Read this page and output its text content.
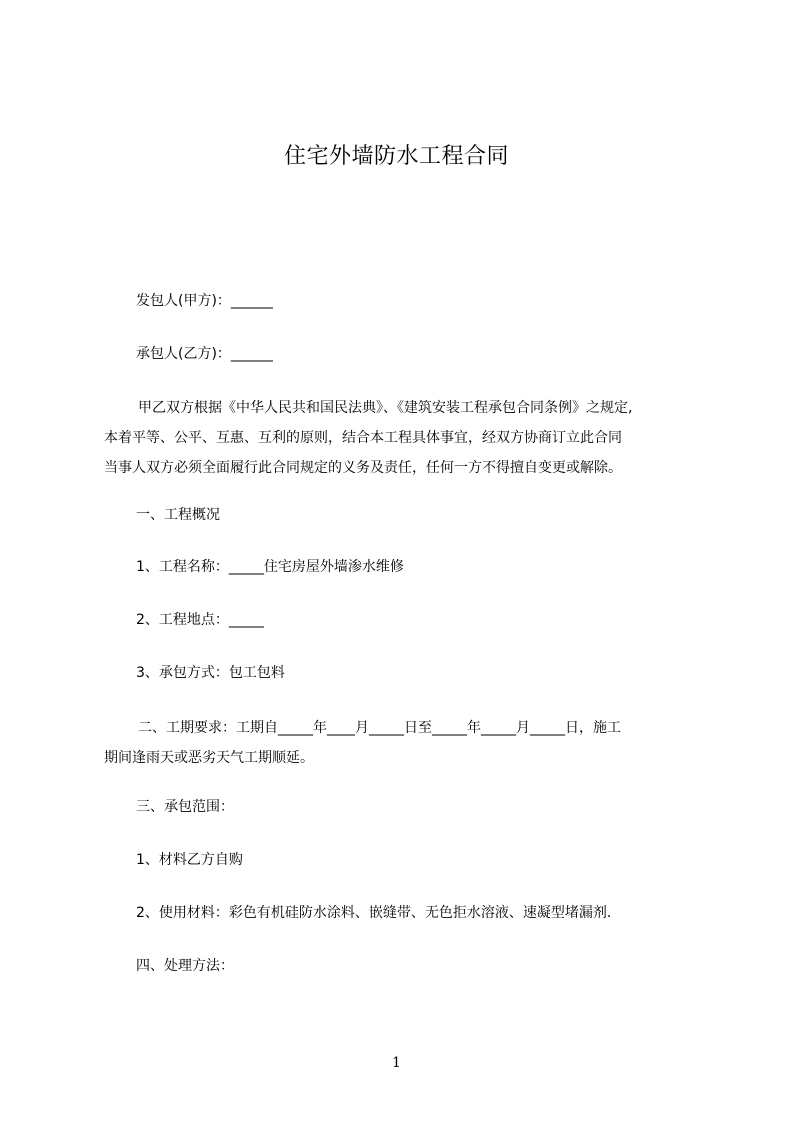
住宅外墙防水工程合同
发包人(甲方)：______
承包人(乙方)：______
甲乙双方根据《中华人民共和国民法典》、《建筑安装工程承包合同条例》之规定,
本着平等、公平、互惠、互利的原则，结合本工程具体事宜，经双方协商订立此合同
当事人双方必须全面履行此合同规定的义务及责任，任何一方不得擅自变更或解除。
一、工程概况
1、工程名称：_____住宅房屋外墙渗水维修
2、工程地点：_____
3、承包方式：包工包料
二、工期要求：工期自_____年____月_____日至_____年_____月_____日，施工
期间逢雨天或恶劣天气工期顺延。
三、承包范围：
1、材料乙方自购
2、使用材料：彩色有机硅防水涂料、嵌缝带、无色拒水溶液、速凝型堵漏剂.
四、处理方法：
1
